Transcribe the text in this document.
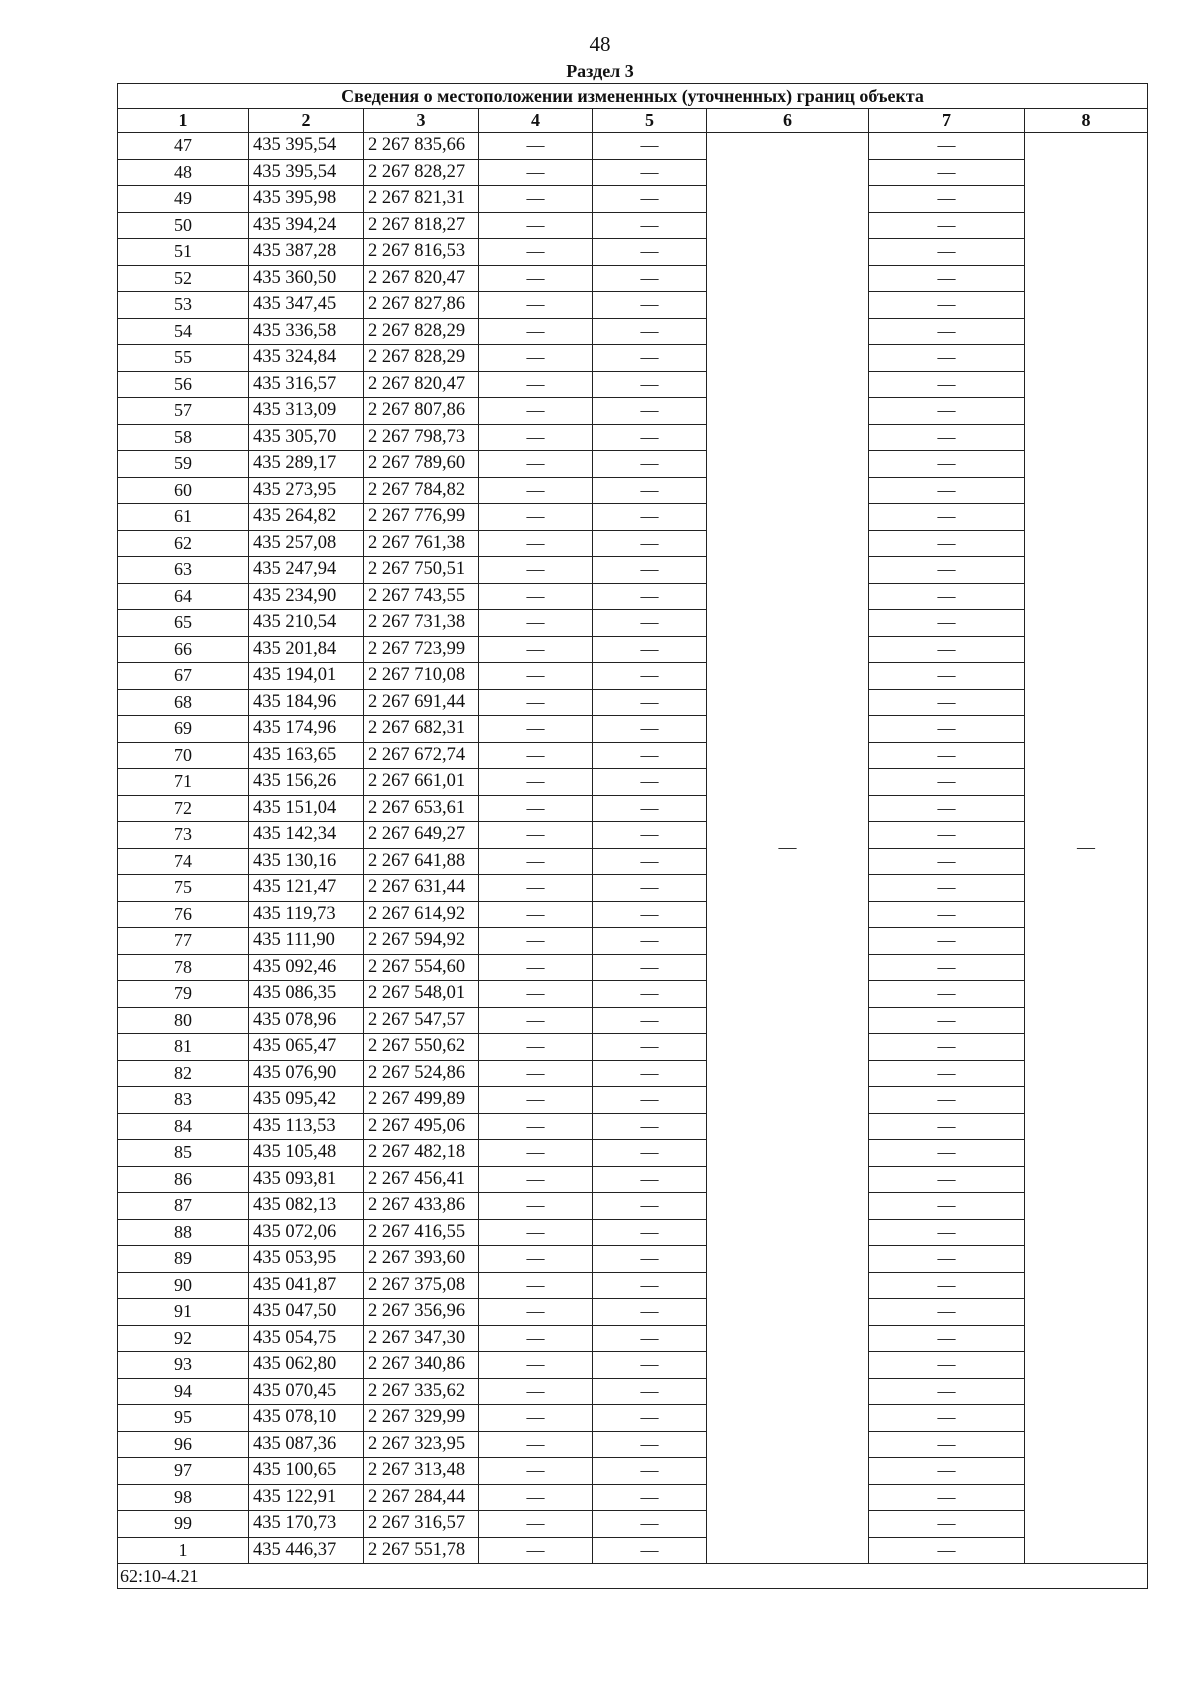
48
Раздел 3
Сведения о местоположении измененных (уточненных) границ объекта							
1	2	3	4	5	6	7	8
47	435 395,54	2 267 835,66	—	—	—	—	—
48	435 395,54	2 267 828,27	—	—		—	
49	435 395,98	2 267 821,31	—	—		—	
50	435 394,24	2 267 818,27	—	—		—	
51	435 387,28	2 267 816,53	—	—		—	
52	435 360,50	2 267 820,47	—	—		—	
53	435 347,45	2 267 827,86	—	—		—	
54	435 336,58	2 267 828,29	—	—		—	
55	435 324,84	2 267 828,29	—	—		—	
56	435 316,57	2 267 820,47	—	—		—	
57	435 313,09	2 267 807,86	—	—		—	
58	435 305,70	2 267 798,73	—	—		—	
59	435 289,17	2 267 789,60	—	—		—	
60	435 273,95	2 267 784,82	—	—		—	
61	435 264,82	2 267 776,99	—	—		—	
62	435 257,08	2 267 761,38	—	—		—	
63	435 247,94	2 267 750,51	—	—		—	
64	435 234,90	2 267 743,55	—	—		—	
65	435 210,54	2 267 731,38	—	—		—	
66	435 201,84	2 267 723,99	—	—		—	
67	435 194,01	2 267 710,08	—	—		—	
68	435 184,96	2 267 691,44	—	—		—	
69	435 174,96	2 267 682,31	—	—		—	
70	435 163,65	2 267 672,74	—	—		—	
71	435 156,26	2 267 661,01	—	—		—	
72	435 151,04	2 267 653,61	—	—		—	
73	435 142,34	2 267 649,27	—	—		—	
74	435 130,16	2 267 641,88	—	—		—	
75	435 121,47	2 267 631,44	—	—		—	
76	435 119,73	2 267 614,92	—	—		—	
77	435 111,90	2 267 594,92	—	—		—	
78	435 092,46	2 267 554,60	—	—		—	
79	435 086,35	2 267 548,01	—	—		—	
80	435 078,96	2 267 547,57	—	—		—	
81	435 065,47	2 267 550,62	—	—		—	
82	435 076,90	2 267 524,86	—	—		—	
83	435 095,42	2 267 499,89	—	—		—	
84	435 113,53	2 267 495,06	—	—		—	
85	435 105,48	2 267 482,18	—	—		—	
86	435 093,81	2 267 456,41	—	—		—	
87	435 082,13	2 267 433,86	—	—		—	
88	435 072,06	2 267 416,55	—	—		—	
89	435 053,95	2 267 393,60	—	—		—	
90	435 041,87	2 267 375,08	—	—		—	
91	435 047,50	2 267 356,96	—	—		—	
92	435 054,75	2 267 347,30	—	—		—	
93	435 062,80	2 267 340,86	—	—		—	
94	435 070,45	2 267 335,62	—	—		—	
95	435 078,10	2 267 329,99	—	—		—	
96	435 087,36	2 267 323,95	—	—		—	
97	435 100,65	2 267 313,48	—	—		—	
98	435 122,91	2 267 284,44	—	—		—	
99	435 170,73	2 267 316,57	—	—		—	
1	435 446,37	2 267 551,78	—	—		—	
62:10-4.21							
